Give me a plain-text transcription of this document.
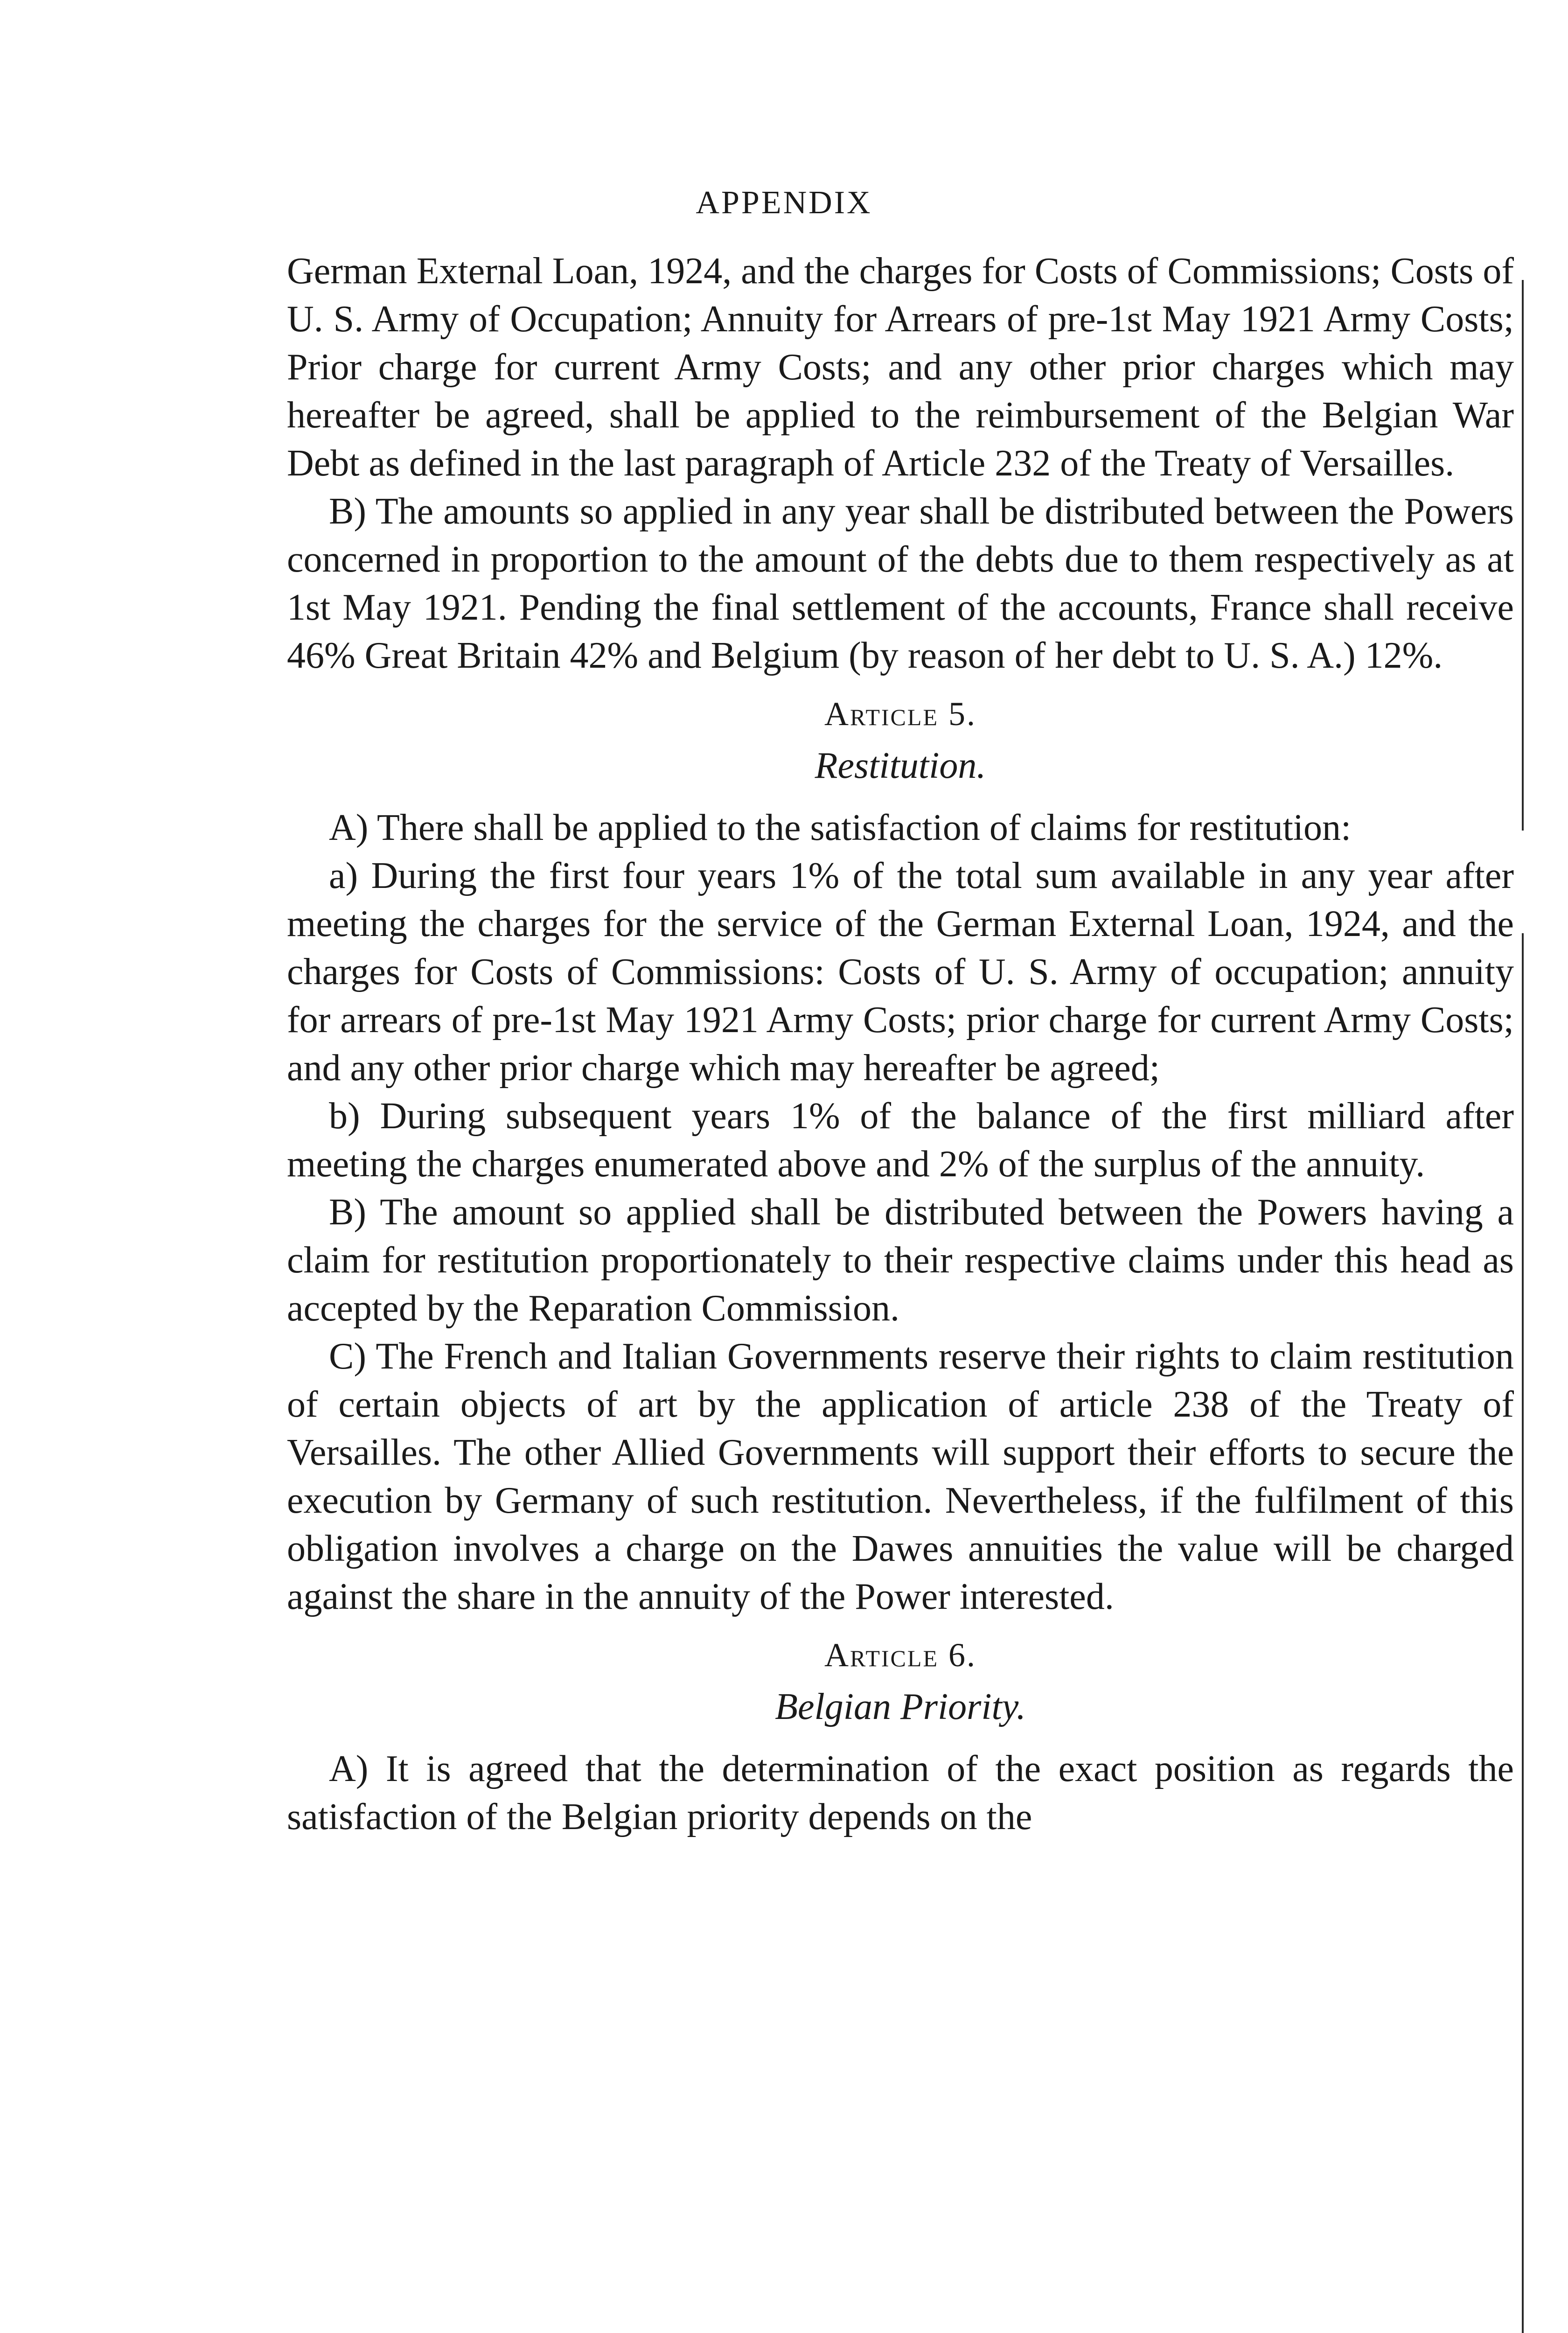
APPENDIX

German External Loan, 1924, and the charges for Costs of Commissions; Costs of U. S. Army of Occupation; Annuity for Arrears of pre-1st May 1921 Army Costs; Prior charge for current Army Costs; and any other prior charges which may hereafter be agreed, shall be applied to the reimbursement of the Belgian War Debt as defined in the last paragraph of Article 232 of the Treaty of Versailles.

B) The amounts so applied in any year shall be distributed between the Powers concerned in proportion to the amount of the debts due to them respectively as at 1st May 1921. Pending the final settlement of the accounts, France shall receive 46% Great Britain 42% and Belgium (by reason of her debt to U. S. A.) 12%.

Article 5.

Restitution.

A) There shall be applied to the satisfaction of claims for restitution:

a) During the first four years 1% of the total sum available in any year after meeting the charges for the service of the German External Loan, 1924, and the charges for Costs of Commissions: Costs of U. S. Army of occupation; annuity for arrears of pre-1st May 1921 Army Costs; prior charge for current Army Costs; and any other prior charge which may hereafter be agreed;

b) During subsequent years 1% of the balance of the first milliard after meeting the charges enumerated above and 2% of the surplus of the annuity.

B) The amount so applied shall be distributed between the Powers having a claim for restitution proportionately to their respective claims under this head as accepted by the Reparation Commission.

C) The French and Italian Governments reserve their rights to claim restitution of certain objects of art by the application of article 238 of the Treaty of Versailles. The other Allied Governments will support their efforts to secure the execution by Germany of such restitution. Nevertheless, if the fulfilment of this obligation involves a charge on the Dawes annuities the value will be charged against the share in the annuity of the Power interested.

Article 6.

Belgian Priority.

A) It is agreed that the determination of the exact position as regards the satisfaction of the Belgian priority depends on the
